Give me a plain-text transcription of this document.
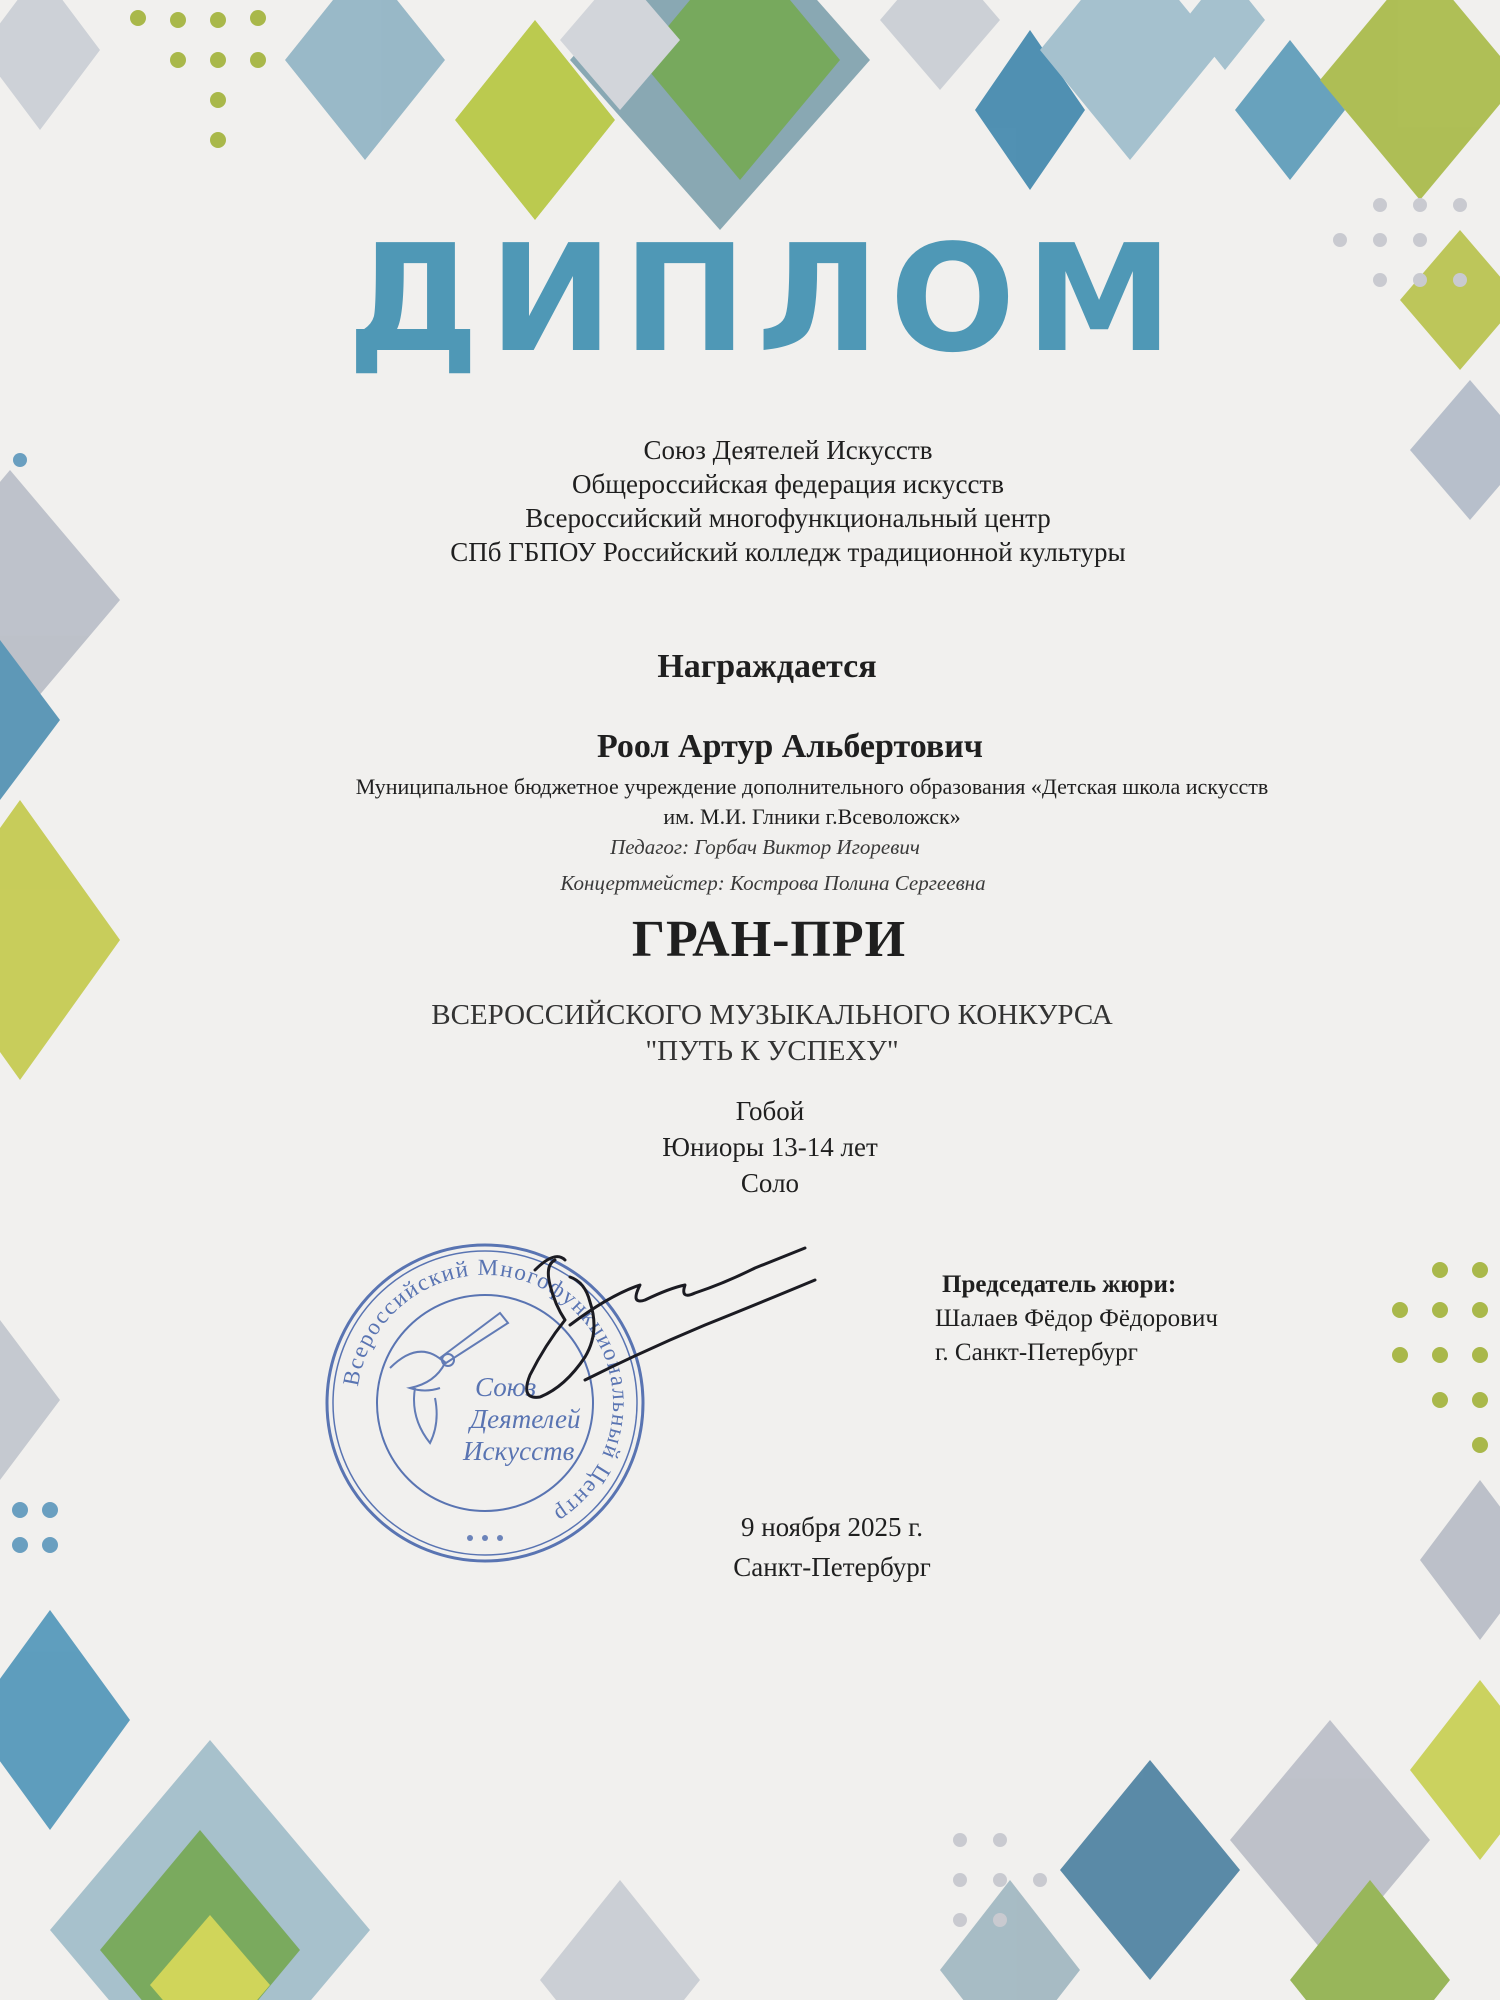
ДИПЛОМ
Союз Деятелей Искусств
Общероссийская федерация искусств
Всероссийский многофункциональный центр
СПб ГБПОУ Российский колледж традиционной культуры
Награждается
Роол Артур Альбертович
Муниципальное бюджетное учреждение дополнительного образования «Детская школа искусств
им. М.И. Глники г.Всеволожск»
Педагог: Горбач Виктор Игоревич
Концертмейстер: Кострова Полина Сергеевна
ГРАН-ПРИ
ВСЕРОССИЙСКОГО МУЗЫКАЛЬНОГО КОНКУРСА
"ПУТЬ К УСПЕХУ"
Гобой
Юниоры 13-14 лет
Соло
Председатель жюри:
Шалаев Фёдор Фёдорович
г. Санкт-Петербург
9 ноября 2025 г.
Санкт-Петербург
Всероссийский Многофункциональный Центр
Союз
Деятелей
Искусств
